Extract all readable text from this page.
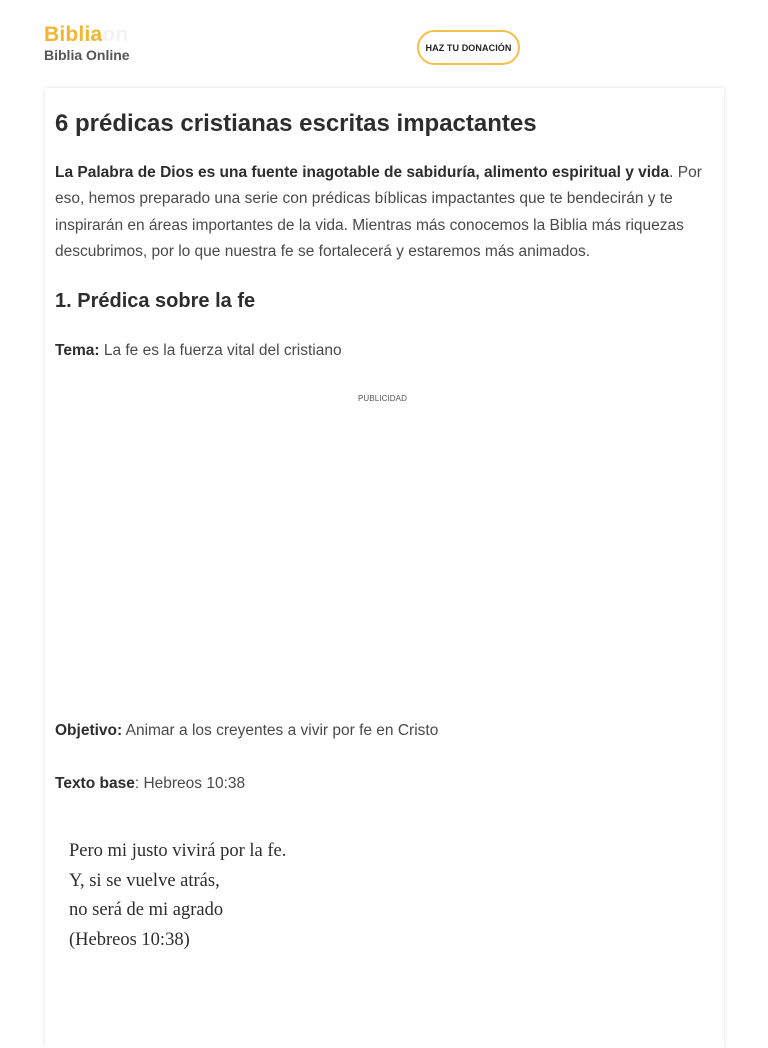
Bibliaon
Biblia Online	HAZ TU DONACIÓN
6 prédicas cristianas escritas impactantes

La Palabra de Dios es una fuente inagotable de sabiduría, alimento espiritual y vida. Por eso, hemos preparado una serie con prédicas bíblicas impactantes que te bendecirán y te inspirarán en áreas importantes de la vida. Mientras más conocemos la Biblia más riquezas descubrimos, por lo que nuestra fe se fortalecerá y estaremos más animados.

1. Prédica sobre la fe

Tema: La fe es la fuerza vital del cristiano

PUBLICIDAD

Objetivo: Animar a los creyentes a vivir por fe en Cristo

Texto base: Hebreos 10:38

Pero mi justo vivirá por la fe.
Y, si se vuelve atrás,
no será de mi agrado
(Hebreos 10:38)
